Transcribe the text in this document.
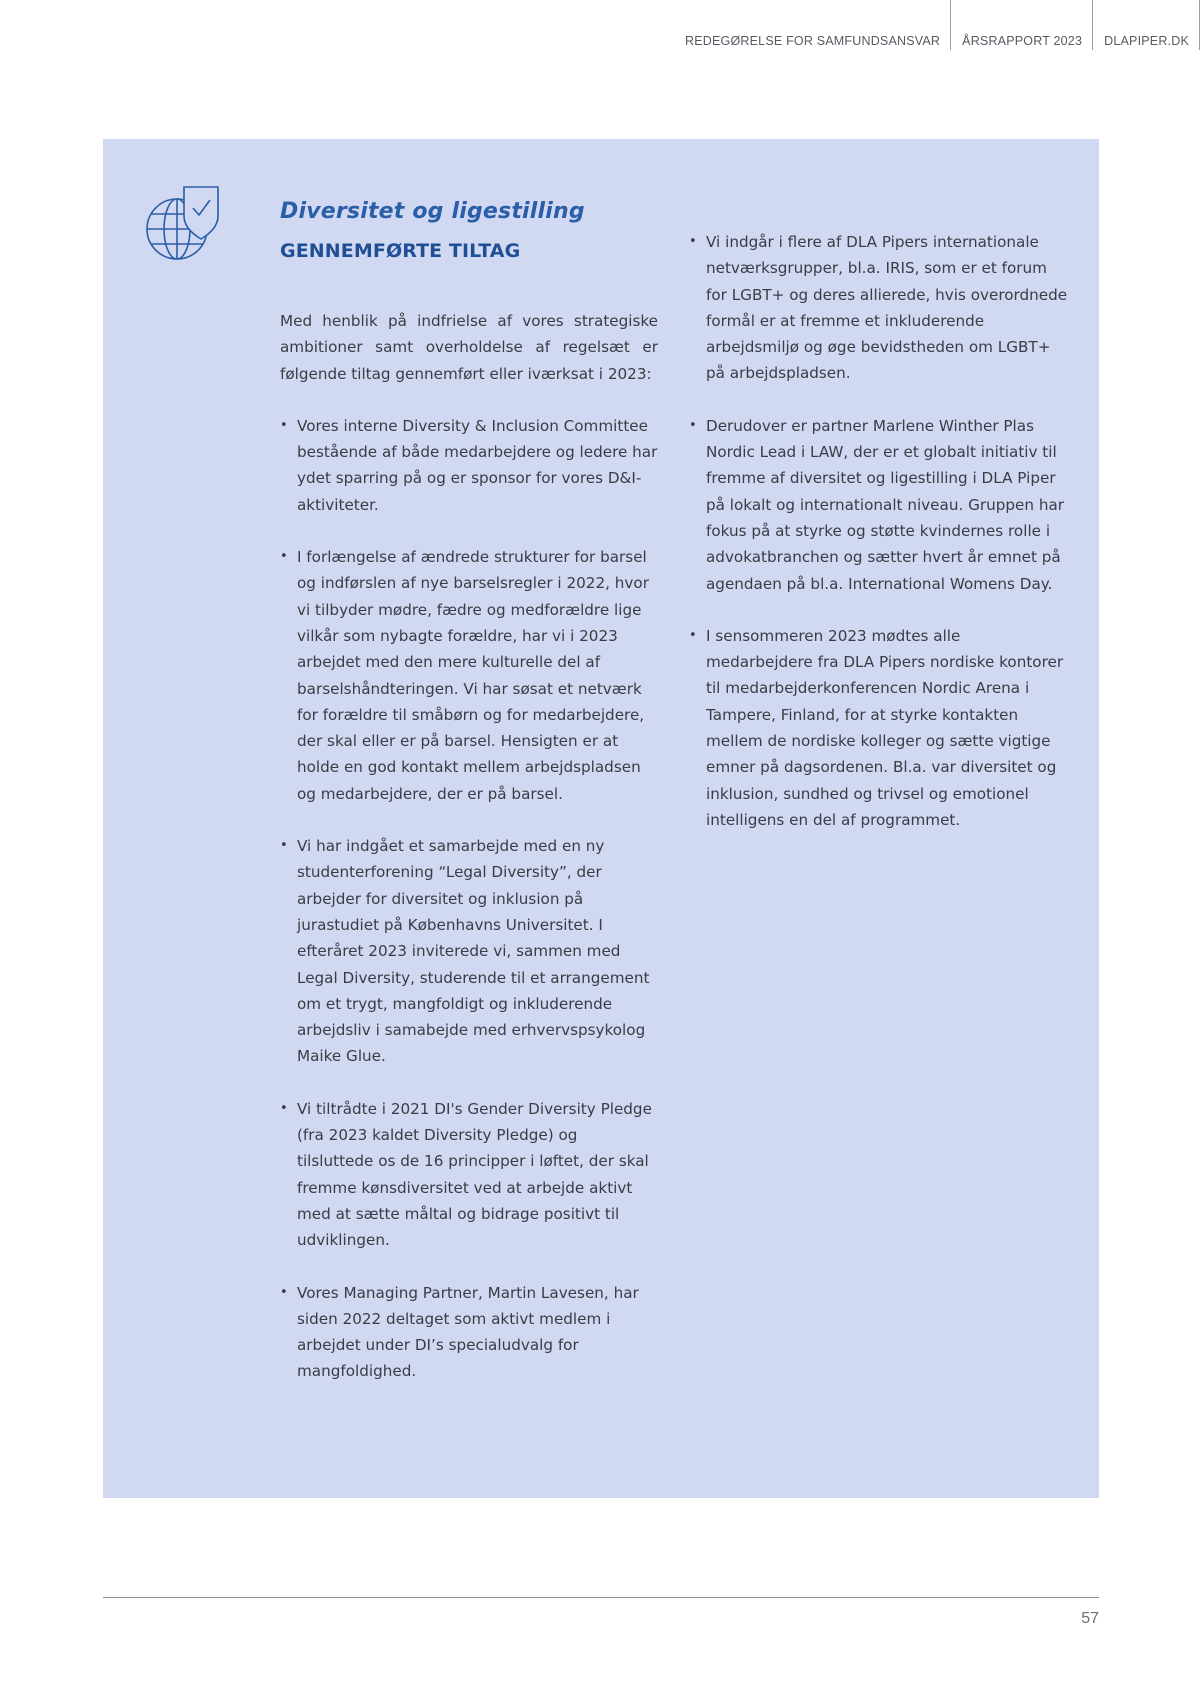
REDEGØRELSE FOR SAMFUNDSANSVAR	ÅRSRAPPORT 2023	DLAPIPER.DK
Diversitet og ligestilling
GENNEMFØRTE TILTAG

Med henblik på indfrielse af vores strategiske ambitioner samt overholdelse af regelsæt er følgende tiltag gennemført eller iværksat i 2023:

• Vores interne Diversity & Inclusion Committee bestående af både medarbejdere og ledere har ydet sparring på og er sponsor for vores D&I-aktiviteter.
• I forlængelse af ændrede strukturer for barsel og indførslen af nye barselsregler i 2022, hvor vi tilbyder mødre, fædre og medforældre lige vilkår som nybagte forældre, har vi i 2023 arbejdet med den mere kulturelle del af barselshåndteringen. Vi har søsat et netværk for forældre til småbørn og for medarbejdere, der skal eller er på barsel. Hensigten er at holde en god kontakt mellem arbejdspladsen og medarbejdere, der er på barsel.
• Vi har indgået et samarbejde med en ny studenterforening “Legal Diversity”, der arbejder for diversitet og inklusion på jurastudiet på Københavns Universitet. I efteråret 2023 inviterede vi, sammen med Legal Diversity, studerende til et arrangement om et trygt, mangfoldigt og inkluderende arbejdsliv i samabejde med erhvervspsykolog Maike Glue.
• Vi tiltrådte i 2021 DI's Gender Diversity Pledge (fra 2023 kaldet Diversity Pledge) og tilsluttede os de 16 principper i løftet, der skal fremme kønsdiversitet ved at arbejde aktivt med at sætte måltal og bidrage positivt til udviklingen.
• Vores Managing Partner, Martin Lavesen, har siden 2022 deltaget som aktivt medlem i arbejdet under DI’s specialudvalg for mangfoldighed.
• Vi indgår i flere af DLA Pipers internationale netværksgrupper, bl.a. IRIS, som er et forum for LGBT+ og deres allierede, hvis overordnede formål er at fremme et inkluderende arbejdsmiljø og øge bevidstheden om LGBT+ på arbejdspladsen.
• Derudover er partner Marlene Winther Plas Nordic Lead i LAW, der er et globalt initiativ til fremme af diversitet og ligestilling i DLA Piper på lokalt og internationalt niveau. Gruppen har fokus på at styrke og støtte kvindernes rolle i advokatbranchen og sætter hvert år emnet på agendaen på bl.a. International Womens Day.
• I sensommeren 2023 mødtes alle medarbejdere fra DLA Pipers nordiske kontorer til medarbejderkonferencen Nordic Arena i Tampere, Finland, for at styrke kontakten mellem de nordiske kolleger og sætte vigtige emner på dagsordenen. Bl.a. var diversitet og inklusion, sundhed og trivsel og emotionel intelligens en del af programmet.
57
